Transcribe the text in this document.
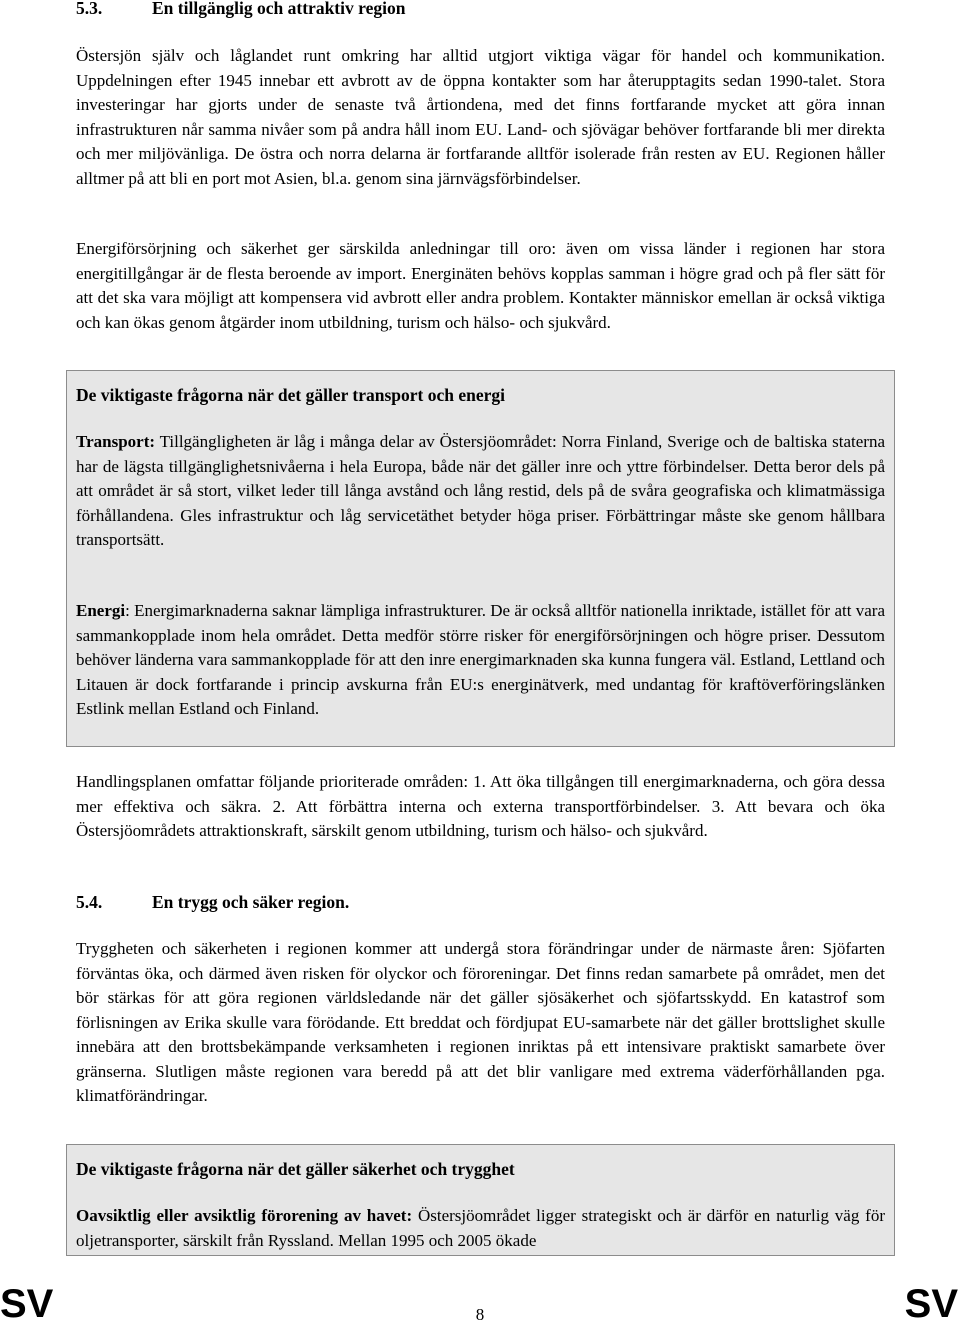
5.3.	En tillgänglig och attraktiv region

Östersjön själv och låglandet runt omkring har alltid utgjort viktiga vägar för handel och kommunikation. Uppdelningen efter 1945 innebar ett avbrott av de öppna kontakter som har återupptagits sedan 1990-talet. Stora investeringar har gjorts under de senaste två årtiondena, med det finns fortfarande mycket att göra innan infrastrukturen når samma nivåer som på andra håll inom EU. Land- och sjövägar behöver fortfarande bli mer direkta och mer miljövänliga. De östra och norra delarna är fortfarande alltför isolerade från resten av EU. Regionen håller alltmer på att bli en port mot Asien, bl.a. genom sina järnvägsförbindelser.

Energiförsörjning och säkerhet ger särskilda anledningar till oro: även om vissa länder i regionen har stora energitillgångar är de flesta beroende av import. Energinäten behövs kopplas samman i högre grad och på fler sätt för att det ska vara möjligt att kompensera vid avbrott eller andra problem. Kontakter människor emellan är också viktiga och kan ökas genom åtgärder inom utbildning, turism och hälso- och sjukvård.

De viktigaste frågorna när det gäller transport och energi

Transport: Tillgängligheten är låg i många delar av Östersjöområdet: Norra Finland, Sverige och de baltiska staterna har de lägsta tillgänglighetsnivåerna i hela Europa, både när det gäller inre och yttre förbindelser. Detta beror dels på att området är så stort, vilket leder till långa avstånd och lång restid, dels på de svåra geografiska och klimatmässiga förhållandena. Gles infrastruktur och låg servicetäthet betyder höga priser. Förbättringar måste ske genom hållbara transportsätt.

Energi: Energimarknaderna saknar lämpliga infrastrukturer. De är också alltför nationella inriktade, istället för att vara sammankopplade inom hela området. Detta medför större risker för energiförsörjningen och högre priser. Dessutom behöver länderna vara sammankopplade för att den inre energimarknaden ska kunna fungera väl. Estland, Lettland och Litauen är dock fortfarande i princip avskurna från EU:s energinätverk, med undantag för kraftöverföringslänken Estlink mellan Estland och Finland.

Handlingsplanen omfattar följande prioriterade områden: 1. Att öka tillgången till energimarknaderna, och göra dessa mer effektiva och säkra. 2. Att förbättra interna och externa transportförbindelser. 3. Att bevara och öka Östersjöområdets attraktionskraft, särskilt genom utbildning, turism och hälso- och sjukvård.

5.4.	En trygg och säker region.

Tryggheten och säkerheten i regionen kommer att undergå stora förändringar under de närmaste åren: Sjöfarten förväntas öka, och därmed även risken för olyckor och föroreningar. Det finns redan samarbete på området, men det bör stärkas för att göra regionen världsledande när det gäller sjösäkerhet och sjöfartsskydd. En katastrof som förlisningen av Erika skulle vara förödande. Ett breddat och fördjupat EU-samarbete när det gäller brottslighet skulle innebära att den brottsbekämpande verksamheten i regionen inriktas på ett intensivare praktiskt samarbete över gränserna. Slutligen måste regionen vara beredd på att det blir vanligare med extrema väderförhållanden pga. klimatförändringar.

De viktigaste frågorna när det gäller säkerhet och trygghet

Oavsiktlig eller avsiktlig förorening av havet: Östersjöområdet ligger strategiskt och är därför en naturlig väg för oljetransporter, särskilt från Ryssland. Mellan 1995 och 2005 ökade

SV	8	SV
